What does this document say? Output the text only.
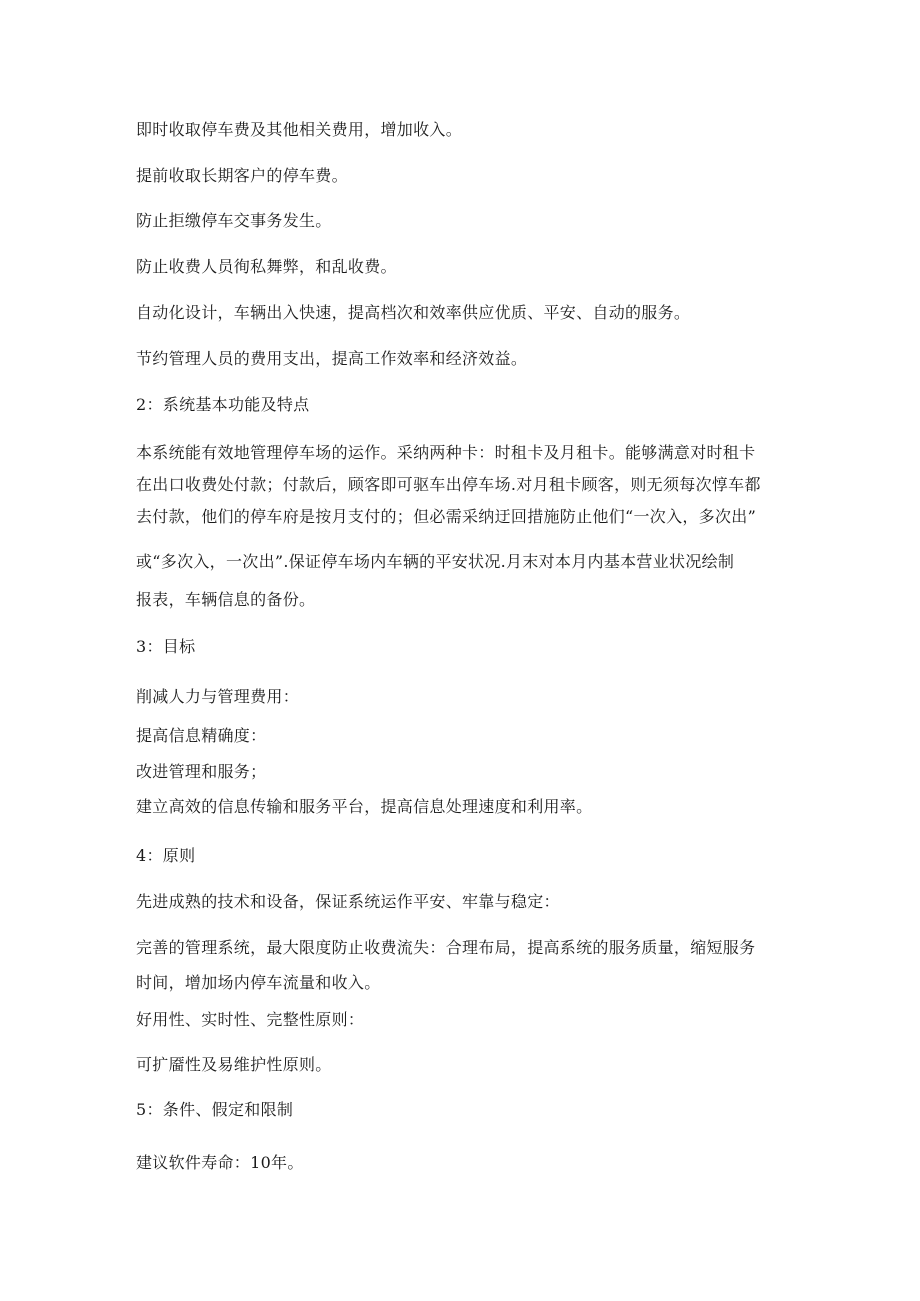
即时收取停车费及其他相关费用，增加收入。
提前收取长期客户的停车费。
防止拒缴停车交事务发生。
防止收费人员徇私舞弊，和乱收费。
自动化设计，车辆出入快速，提高档次和效率供应优质、平安、自动的服务。
节约管理人员的费用支出，提高工作效率和经济效益。
2：系统基本功能及特点
本系统能有效地管理停车场的运作。采纳两种卡：时租卡及月租卡。能够满意对时租卡
在出口收费处付款；付款后，顾客即可驱车出停车场.对月租卡顾客，则无须每次惇车都
去付款，他们的停车府是按月支付的；但必需采纳迂回措施防止他们“一次入，多次出”
或“多次入，一次出”.保证停车场内车辆的平安状况.月末对本月内基本营业状况绘制
报表，车辆信息的备份。
3：目标
削减人力与管理费用：
提高信息精确度：
改进管理和服务；
建立高效的信息传输和服务平台，提高信息处理速度和利用率。
4：原则
先进成熟的技术和设备，保证系统运作平安、牢靠与稳定：
完善的管理系统，最大限度防止收费流失：合理布局，提高系统的服务质量，缩短服务
时间，增加场内停车流量和收入。
好用性、实时性、完整性原则：
可扩靥性及易维护性原则。
5：条件、假定和限制
建议软件寿命：10年。
